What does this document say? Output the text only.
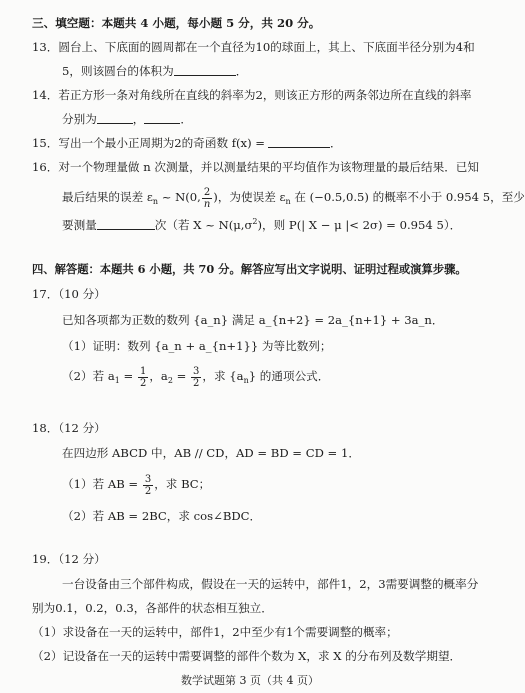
三、填空题：本题共 4 小题，每小题 5 分，共 20 分。
13．圆台上、下底面的圆周都在一个直径为10的球面上，其上、下底面半径分别为4和
5，则该圆台的体积为	．
14．若正方形一条对角线所在直线的斜率为2，则该正方形的两条邻边所在直线的斜率
分别为	，	．
15．写出一个最小正周期为2的奇函数 f(x) =	．
16．对一个物理量做 n 次测量，并以测量结果的平均值作为该物理量的最后结果．已知
最后结果的误差 $\varepsilon_n$ ~ N(0, $\frac{2}{n}$ )，为使误差 $\varepsilon_n$ 在 (−0.5,0.5) 的概率不小于 0.954 5，至少
要测量	次（若 X ~ $N(\mu,\sigma^2)$，则 P(| X − μ |< 2σ) = 0.954 5）．
四、解答题：本题共 6 小题，共 70 分。解答应写出文字说明、证明过程或演算步骤。
17．（10 分）
已知各项都为正数的数列 {a_n} 满足 a_{n+2} = 2a_{n+1} + 3a_n．
（1）证明：数列 {a_n + a_{n+1}} 为等比数列；
（2）若 $a_1 = \frac{1}{2}$ ，$a_2 = \frac{3}{2}$ ，求 $\{a_n\}$ 的通项公式．
18．（12 分）
在四边形 ABCD 中，AB // CD，AD = BD = CD = 1．
（1）若 AB = $\frac{3}{2}$ ，求 BC；
（2）若 AB = 2BC，求 cos∠BDC．
19．（12 分）
一台设备由三个部件构成，假设在一天的运转中，部件1，2，3需要调整的概率分
别为0.1，0.2，0.3，各部件的状态相互独立．
（1）求设备在一天的运转中，部件1，2中至少有1个需要调整的概率；
（2）记设备在一天的运转中需要调整的部件个数为 X，求 X 的分布列及数学期望．
数学试题第 3 页（共 4 页）
